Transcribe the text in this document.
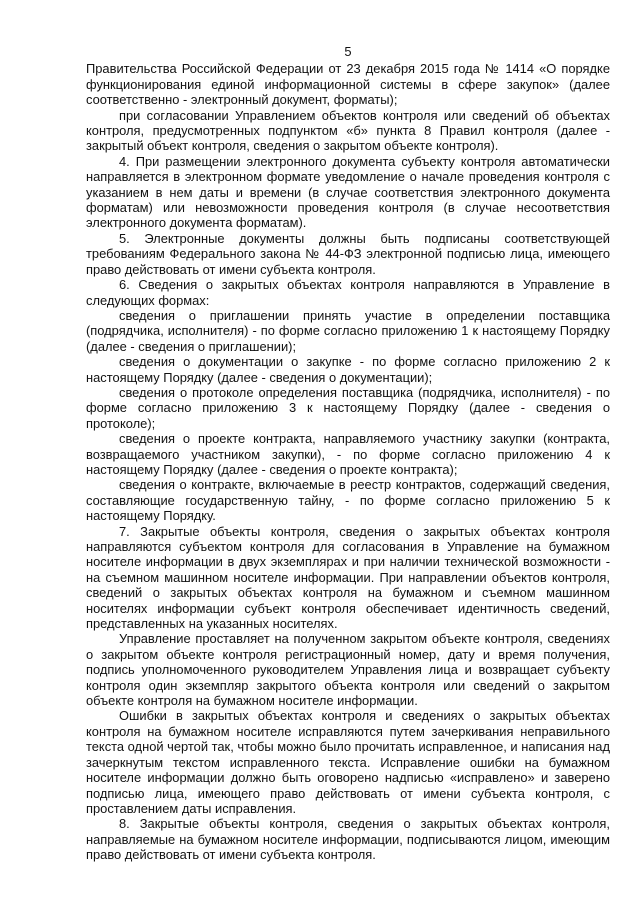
5

Правительства Российской Федерации от 23 декабря 2015 года № 1414 «О порядке функционирования единой информационной системы в сфере закупок» (далее соответственно - электронный документ, форматы);

при согласовании Управлением объектов контроля или сведений об объектах контроля, предусмотренных подпунктом «б» пункта 8 Правил контроля (далее - закрытый объект контроля, сведения о закрытом объекте контроля).

4. При размещении электронного документа субъекту контроля автоматически направляется в электронном формате уведомление о начале проведения контроля с указанием в нем даты и времени (в случае соответствия электронного документа форматам) или невозможности проведения контроля (в случае несоответствия электронного документа форматам).

5. Электронные документы должны быть подписаны соответствующей требованиям Федерального закона № 44-ФЗ электронной подписью лица, имеющего право действовать от имени субъекта контроля.

6. Сведения о закрытых объектах контроля направляются в Управление в следующих формах:

сведения о приглашении принять участие в определении поставщика (подрядчика, исполнителя) - по форме согласно приложению 1 к настоящему Порядку (далее - сведения о приглашении);

сведения о документации о закупке - по форме согласно приложению 2 к настоящему Порядку (далее - сведения о документации);

сведения о протоколе определения поставщика (подрядчика, исполнителя) - по форме согласно приложению 3 к настоящему Порядку (далее - сведения о протоколе);

сведения о проекте контракта, направляемого участнику закупки (контракта, возвращаемого участником закупки), - по форме согласно приложению 4 к настоящему Порядку (далее - сведения о проекте контракта);

сведения о контракте, включаемые в реестр контрактов, содержащий сведения, составляющие государственную тайну, - по форме согласно приложению 5 к настоящему Порядку.

7. Закрытые объекты контроля, сведения о закрытых объектах контроля направляются субъектом контроля для согласования в Управление на бумажном носителе информации в двух экземплярах и при наличии технической возможности - на съемном машинном носителе информации. При направлении объектов контроля, сведений о закрытых объектах контроля на бумажном и съемном машинном носителях информации субъект контроля обеспечивает идентичность сведений, представленных на указанных носителях.

Управление проставляет на полученном закрытом объекте контроля, сведениях о закрытом объекте контроля регистрационный номер, дату и время получения, подпись уполномоченного руководителем Управления лица и возвращает субъекту контроля один экземпляр закрытого объекта контроля или сведений о закрытом объекте контроля на бумажном носителе информации.

Ошибки в закрытых объектах контроля и сведениях о закрытых объектах контроля на бумажном носителе исправляются путем зачеркивания неправильного текста одной чертой так, чтобы можно было прочитать исправленное, и написания над зачеркнутым текстом исправленного текста. Исправление ошибки на бумажном носителе информации должно быть оговорено надписью «исправлено» и заверено подписью лица, имеющего право действовать от имени субъекта контроля, с проставлением даты исправления.

8. Закрытые объекты контроля, сведения о закрытых объектах контроля, направляемые на бумажном носителе информации, подписываются лицом, имеющим право действовать от имени субъекта контроля.
